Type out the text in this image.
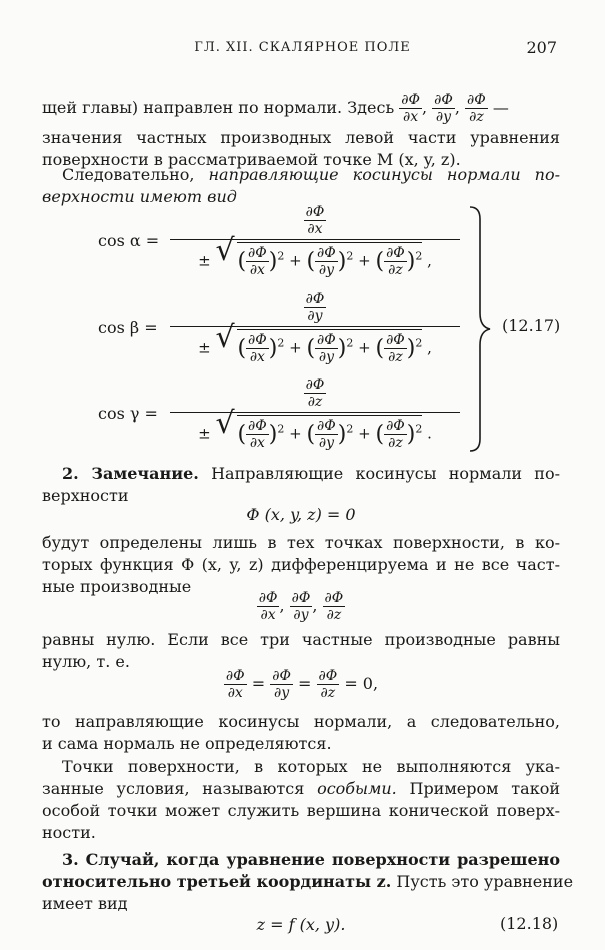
ГЛ. XII. СКАЛЯРНОЕ ПОЛЕ	207
щей главы) направлен по нормали. Здесь $\frac{\partial\Phi}{\partial x}$ , $\frac{\partial\Phi}{\partial y}$ , $\frac{\partial\Phi}{\partial z}$ —
значения частных производных левой части уравнения
поверхности в рассматриваемой точке M (x, y, z).
Следовательно, направляющие косинусы нормали по-
верхности имеют вид
cos α =
$\frac{\partial\Phi}{\partial x}$
± √ ( $\frac{\partial\Phi}{\partial x} )^2$ + ( $\frac{\partial\Phi}{\partial y} )^2$ + ( $\frac{\partial\Phi}{\partial z} )^2$ ,
cos β =
$\frac{\partial\Phi}{\partial y}$
± √ ( $\frac{\partial\Phi}{\partial x} )^2$ + ( $\frac{\partial\Phi}{\partial y} )^2$ + ( $\frac{\partial\Phi}{\partial z} )^2$ ,
cos γ =
$\frac{\partial\Phi}{\partial z}$
± √ ( $\frac{\partial\Phi}{\partial x} )^2$ + ( $\frac{\partial\Phi}{\partial y} )^2$ + ( $\frac{\partial\Phi}{\partial z} )^2$ .
(12.17)
2. Замечание. Направляющие косинусы нормали по-
верхности
Φ (x, y, z) = 0
будут определены лишь в тех точках поверхности, в ко-
торых функция Φ (x, y, z) дифференцируема и не все част-
ные производные
$\frac{\partial\Phi}{\partial x}$ , $\frac{\partial\Phi}{\partial y}$ , $\frac{\partial\Phi}{\partial z}$
равны нулю. Если все три частные производные равны
нулю, т. е.
$\frac{\partial\Phi}{\partial x} = \frac{\partial\Phi}{\partial y} = \frac{\partial\Phi}{\partial z} = 0$,
то направляющие косинусы нормали, а следовательно,
и сама нормаль не определяются.
Точки поверхности, в которых не выполняются ука-
занные условия, называются особыми. Примером такой
особой точки может служить вершина конической поверх-
ности.
3. Случай, когда уравнение поверхности разрешено
относительно третьей координаты z. Пусть это уравнение
имеет вид
z = f (x, y).	(12.18)
